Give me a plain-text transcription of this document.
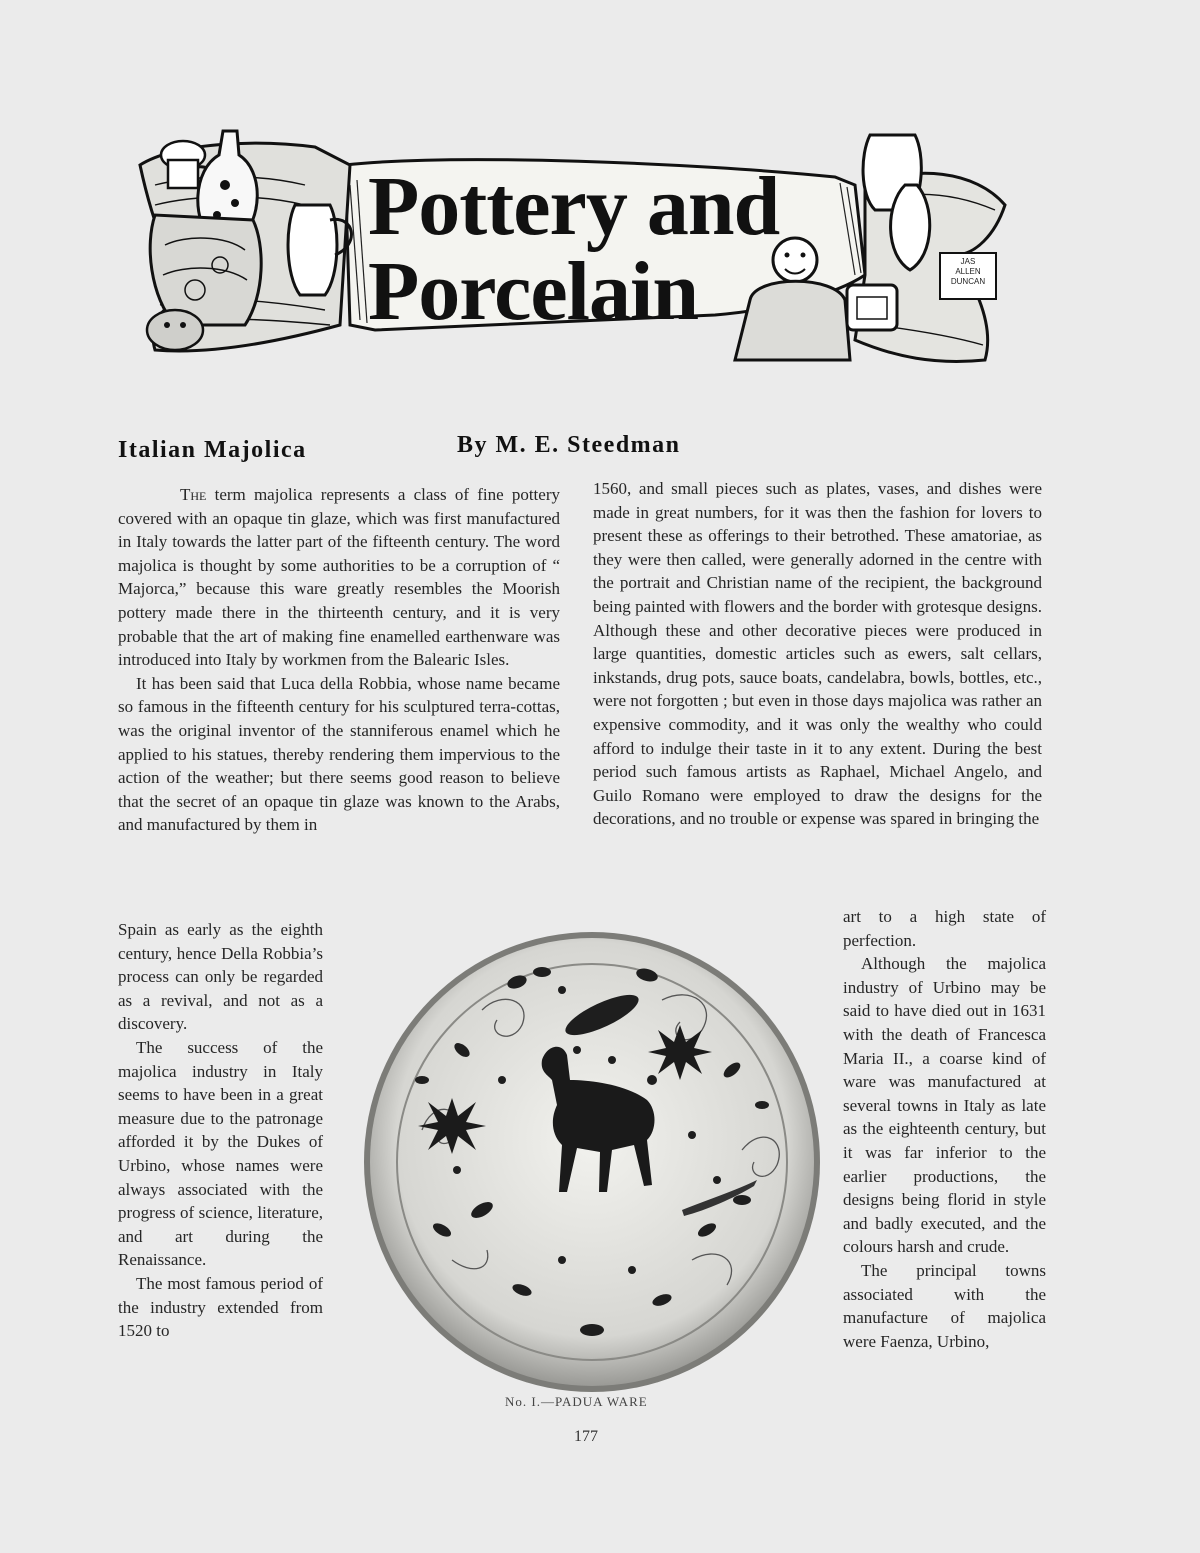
Pottery and
Porcelain	JAS
ALLEN
DUNCAN
Italian Majolica	By M. E. Steedman

The term majolica represents a class of fine pottery covered with an opaque tin glaze, which was first manufactured in Italy towards the latter part of the fifteenth century. The word majolica is thought by some authorities to be a corruption of “ Majorca,” because this ware greatly resembles the Moorish pottery made there in the thirteenth century, and it is very probable that the art of making fine enamelled earthenware was introduced into Italy by workmen from the Balearic Isles.

It has been said that Luca della Robbia, whose name became so famous in the fifteenth century for his sculptured terra-cottas, was the original inventor of the stanniferous enamel which he applied to his statues, thereby rendering them impervious to the action of the weather; but there seems good reason to believe that the secret of an opaque tin glaze was known to the Arabs, and manufactured by them in

1560, and small pieces such as plates, vases, and dishes were made in great numbers, for it was then the fashion for lovers to present these as offerings to their betrothed. These amatoriae, as they were then called, were generally adorned in the centre with the portrait and Christian name of the recipient, the background being painted with flowers and the border with grotesque designs. Although these and other decorative pieces were produced in large quantities, domestic articles such as ewers, salt cellars, inkstands, drug pots, sauce boats, candelabra, bowls, bottles, etc., were not forgotten ; but even in those days majolica was rather an expensive commodity, and it was only the wealthy who could afford to indulge their taste in it to any extent. During the best period such famous artists as Raphael, Michael Angelo, and Guilo Romano were employed to draw the designs for the decorations, and no trouble or expense was spared in bringing the

Spain as early as the eighth century, hence Della Robbia’s process can only be regarded as a revival, and not as a discovery.

The success of the majolica industry in Italy seems to have been in a great measure due to the patronage afforded it by the Dukes of Urbino, whose names were always associated with the progress of science, literature, and art during the Renaissance.

The most famous period of the industry extended from 1520 to

art to a high state of perfection.

Although the majolica industry of Urbino may be said to have died out in 1631 with the death of Francesca Maria II., a coarse kind of ware was manufactured at several towns in Italy as late as the eighteenth century, but it was far inferior to the earlier productions, the designs being florid in style and badly executed, and the colours harsh and crude.

The principal towns associated with the manufacture of majolica were Faenza, Urbino,

No. I.—PADUA WARE
177
